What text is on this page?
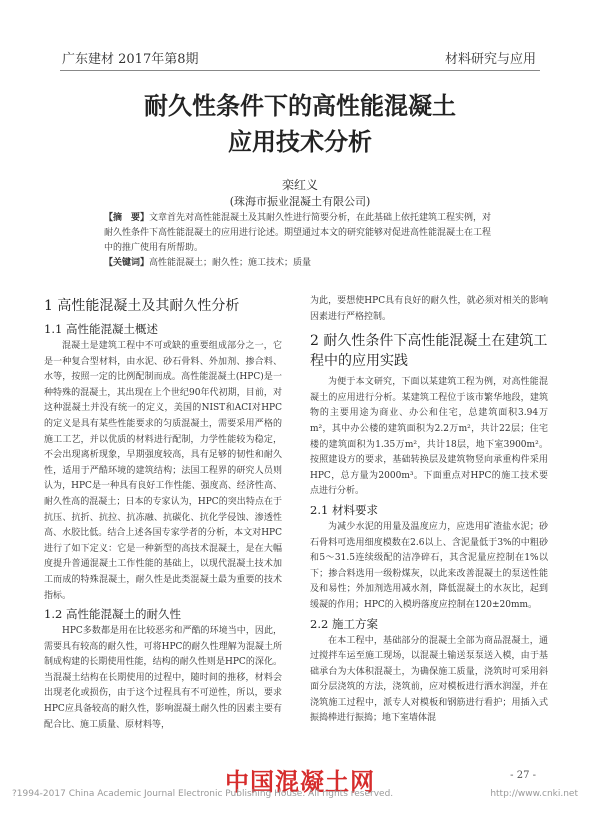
广东建材 2017年第8期	材料研究与应用
耐久性条件下的高性能混凝土
应用技术分析
栾红义
(珠海市振业混凝土有限公司)
【摘　要】文章首先对高性能混凝土及其耐久性进行简要分析，在此基础上依托建筑工程实例，对耐久性条件下高性能混凝土的应用进行论述。期望通过本文的研究能够对促进高性能混凝土在工程中的推广使用有所帮助。
【关键词】高性能混凝土；耐久性；施工技术；质量
1 高性能混凝土及其耐久性分析
1.1 高性能混凝土概述

混凝土是建筑工程中不可或缺的重要组成部分之一，它是一种复合型材料，由水泥、砂石骨料、外加剂、掺合料、水等，按照一定的比例配制而成。高性能混凝土(HPC)是一种特殊的混凝土，其出现在上个世纪90年代初期，目前，对这种混凝土并没有统一的定义，美国的NIST和ACI对HPC的定义是具有某些性能要求的匀质混凝土，需要采用严格的施工工艺，并以优质的材料进行配制，力学性能较为稳定，不会出现离析现象，早期强度较高，具有足够的韧性和耐久性，适用于严酷环境的建筑结构；法国工程界的研究人员则认为，HPC是一种具有良好工作性能、强度高、经济性高、耐久性高的混凝土；日本的专家认为，HPC的突出特点在于抗压、抗折、抗拉、抗冻融、抗碳化、抗化学侵蚀、渗透性高、水胶比低。结合上述各国专家学者的分析，本文对HPC进行了如下定义：它是一种新型的高技术混凝土，是在大幅度提升普通混凝土工作性能的基础上，以现代混凝土技术加工而成的特殊混凝土，耐久性是此类混凝土最为重要的技术指标。

1.2 高性能混凝土的耐久性

HPC多数都是用在比较恶劣和严酷的环境当中，因此，需要具有较高的耐久性，可将HPC的耐久性理解为混凝土所制成构建的长期使用性能，结构的耐久性则是HPC的深化。当混凝土结构在长期使用的过程中，随时间的推移，材料会出现老化或损伤，由于这个过程具有不可逆性，所以，要求HPC应具备较高的耐久性，影响混凝土耐久性的因素主要有配合比、施工质量、原材料等，

为此，要想使HPC具有良好的耐久性，就必须对相关的影响因素进行严格控制。

2 耐久性条件下高性能混凝土在建筑工程中的应用实践

为便于本文研究，下面以某建筑工程为例，对高性能混凝土的应用进行分析。某建筑工程位于该市繁华地段，建筑物的主要用途为商业、办公和住宅，总建筑面积3.94万m²，其中办公楼的建筑面积为2.2万m²，共计22层；住宅楼的建筑面积为1.35万m²，共计18层，地下室3900m²。按照建设方的要求，基础转换层及建筑物竖向承重构件采用HPC，总方量为2000m³。下面重点对HPC的施工技术要点进行分析。

2.1 材料要求

为减少水泥的用量及温度应力，应选用矿渣盐水泥；砂石骨料可选用细度模数在2.6以上、含泥量低于3%的中粗砂和5～31.5连续级配的洁净碎石，其含泥量应控制在1%以下；掺合料选用一级粉煤灰，以此来改善混凝土的泵送性能及和易性；外加剂选用减水剂，降低混凝土的水灰比，起到缓凝的作用；HPC的入模坍落度应控制在120±20mm。

2.2 施工方案

在本工程中，基础部分的混凝土全部为商品混凝土，通过搅拌车运至施工现场，以混凝土输送泵泵送入模，由于基础承台为大体积混凝土，为确保施工质量，浇筑时可采用斜面分层浇筑的方法，浇筑前，应对模板进行洒水润湿，并在浇筑施工过程中，派专人对模板和钢筋进行看护；用插入式振捣棒进行振捣；地下室墙体混

中国混凝土网	- 27 -
?1994-2017 China Academic Journal Electronic Publishing House. All rights reserved.	http://www.cnki.net
